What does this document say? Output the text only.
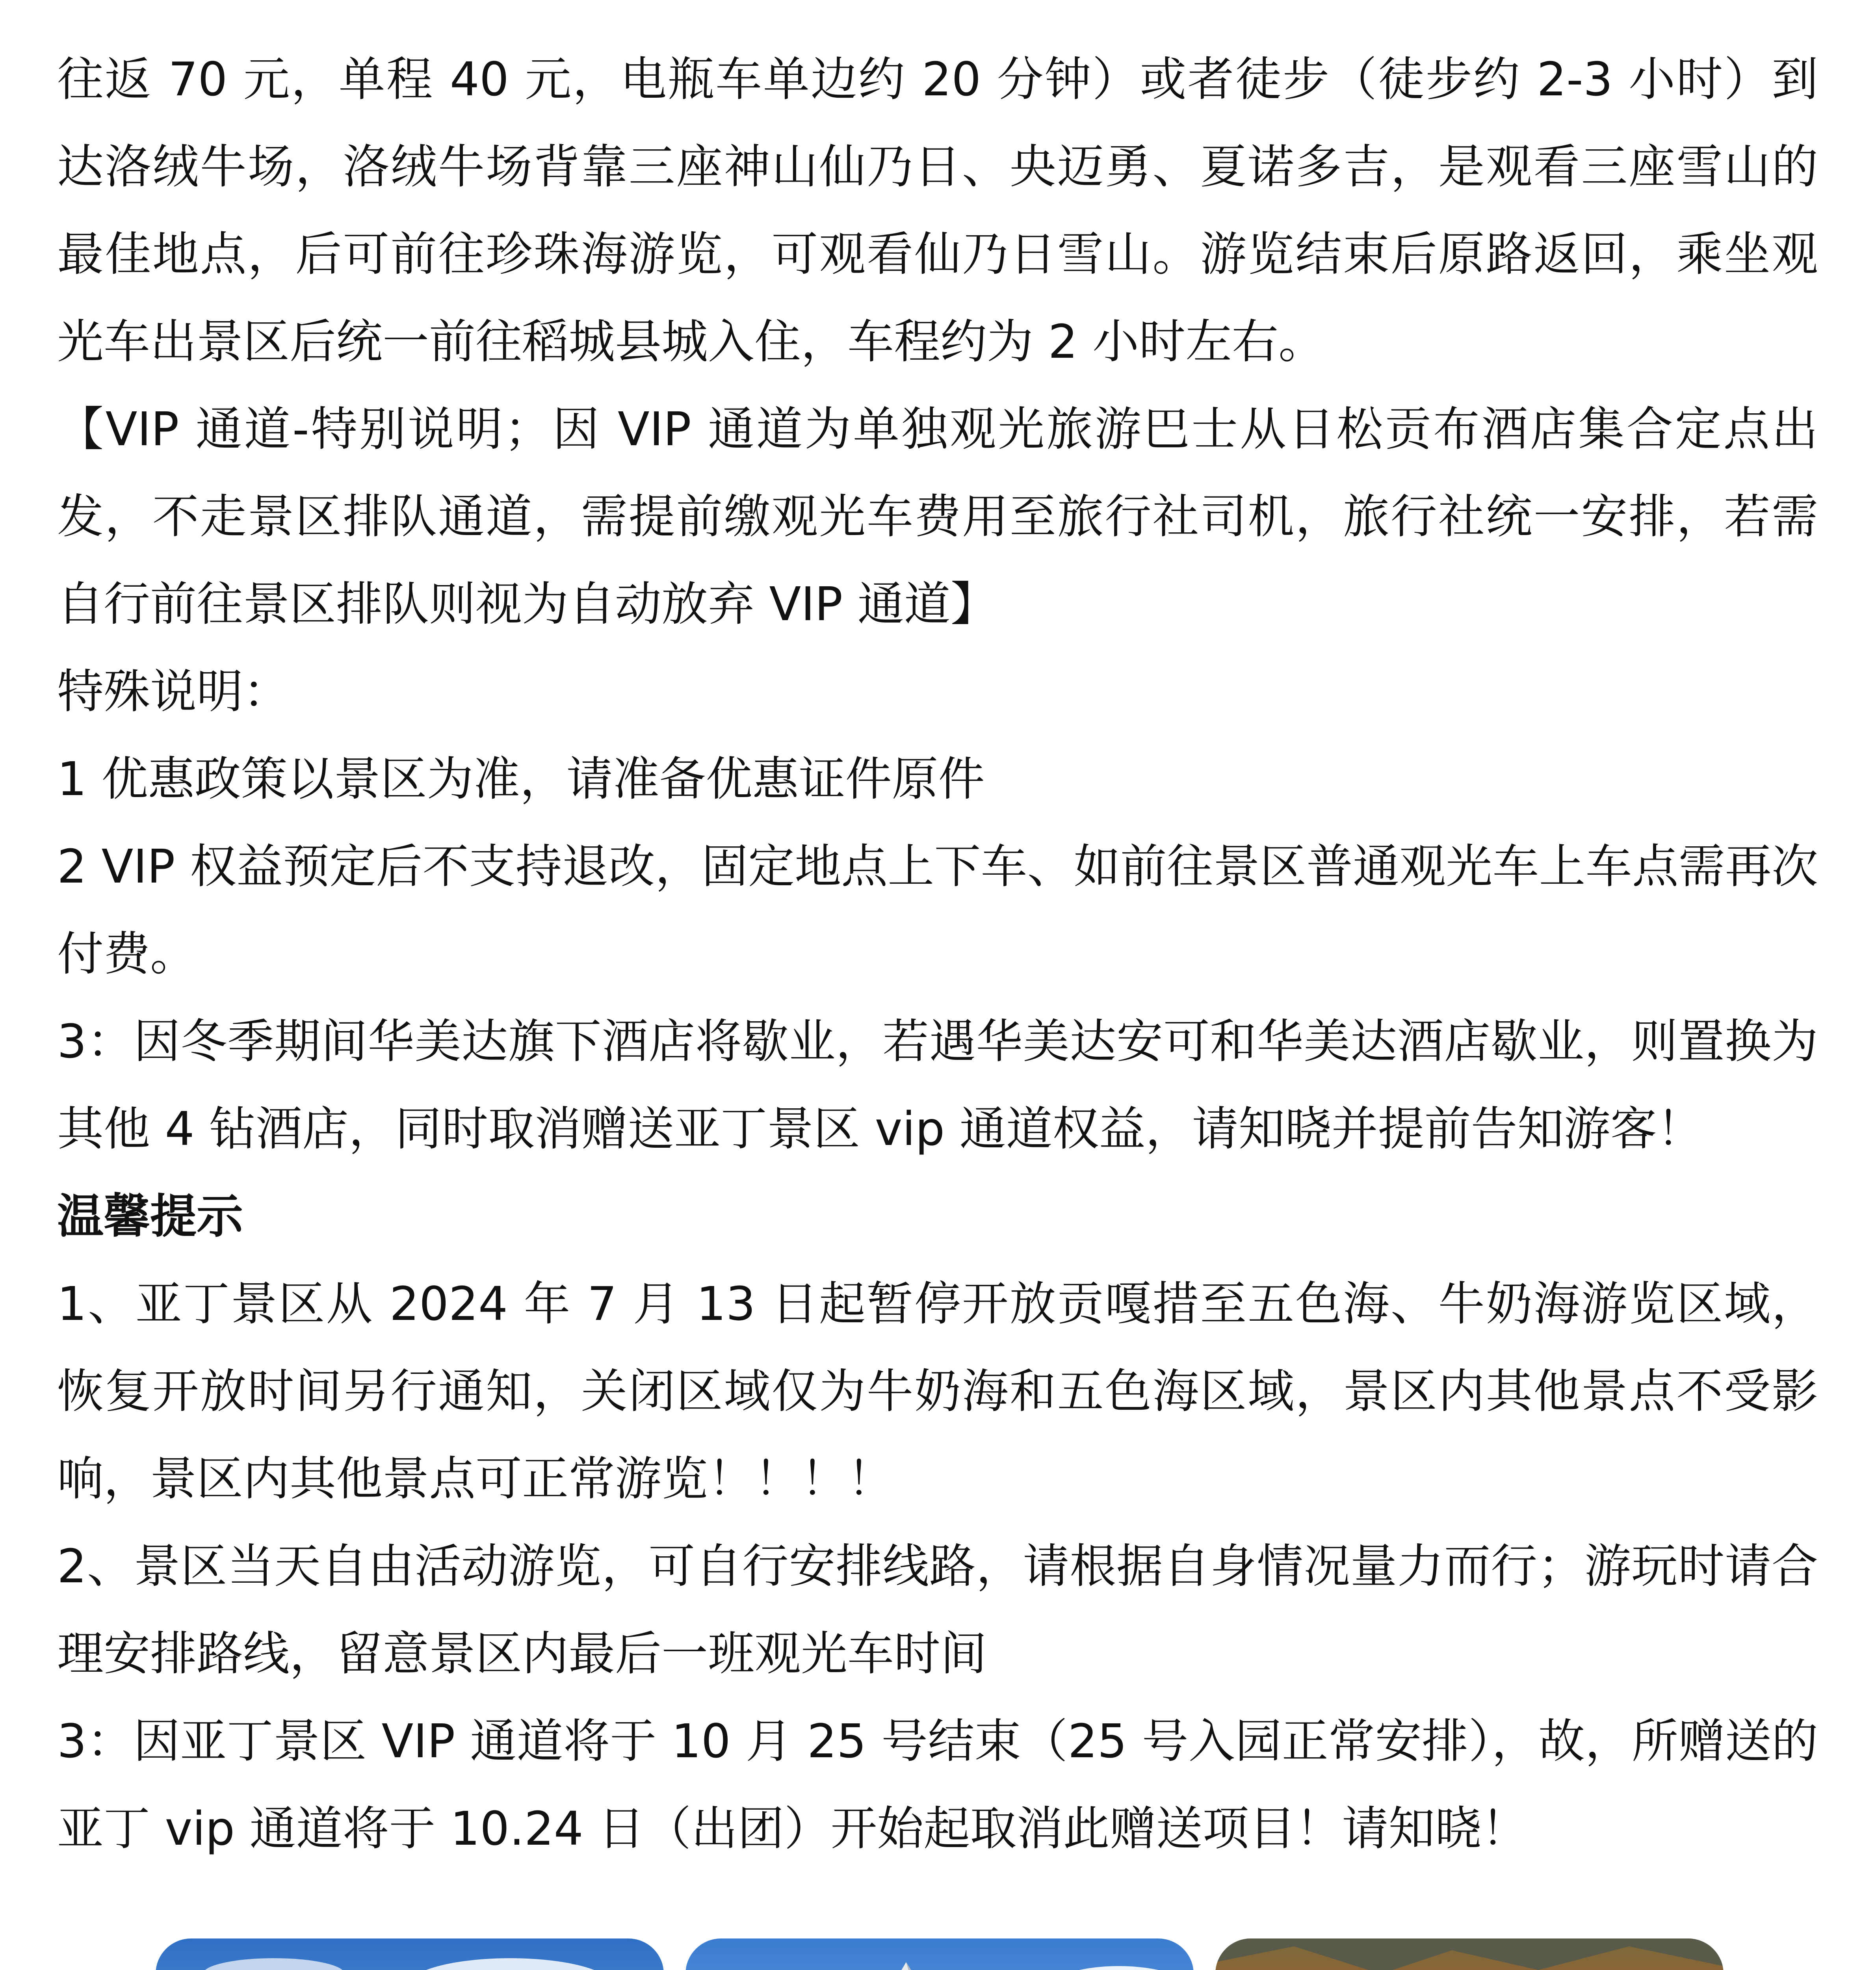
往返 70 元，单程 40 元，电瓶车单边约 20 分钟）或者徒步（徒步约 2-3 小时）到达洛绒牛场，洛绒牛场背靠三座神山仙乃日、央迈勇、夏诺多吉，是观看三座雪山的最佳地点，后可前往珍珠海游览，可观看仙乃日雪山。游览结束后原路返回，乘坐观光车出景区后统一前往稻城县城入住，车程约为 2 小时左右。

【VIP 通道-特别说明；因 VIP 通道为单独观光旅游巴士从日松贡布酒店集合定点出发，不走景区排队通道，需提前缴观光车费用至旅行社司机，旅行社统一安排，若需自行前往景区排队则视为自动放弃 VIP 通道】

特殊说明：

1 优惠政策以景区为准，请准备优惠证件原件

2 VIP 权益预定后不支持退改，固定地点上下车、如前往景区普通观光车上车点需再次付费。

3：因冬季期间华美达旗下酒店将歇业，若遇华美达安可和华美达酒店歇业，则置换为其他 4 钻酒店，同时取消赠送亚丁景区 vip 通道权益，请知晓并提前告知游客！

温馨提示

1、亚丁景区从 2024 年 7 月 13 日起暂停开放贡嘎措至五色海、牛奶海游览区域，恢复开放时间另行通知，关闭区域仅为牛奶海和五色海区域，景区内其他景点不受影响，景区内其他景点可正常游览！！！！

2、景区当天自由活动游览，可自行安排线路，请根据自身情况量力而行；游玩时请合理安排路线，留意景区内最后一班观光车时间

3：因亚丁景区 VIP 通道将于 10 月 25 号结束（25 号入园正常安排），故，所赠送的亚丁 vip 通道将于 10.24 日（出团）开始起取消此赠送项目！请知晓！
